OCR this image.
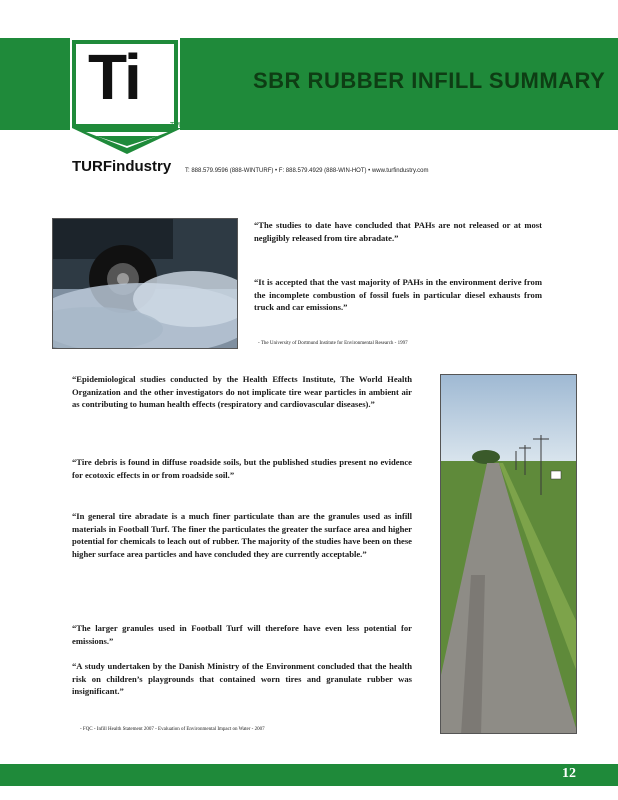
Ti
TM
TURFindustry T: 888.579.9596 (888-WINTURF) • F: 888.579.4929 (888-WIN-HOT) • www.turfindustry.com
SBR RUBBER INFILL SUMMARY
“The studies to date have concluded that PAHs are not released or at most negligibly released from tire abradate.”
“It is accepted that the vast majority of PAHs in the environment derive from the incomplete combustion of fossil fuels in particular diesel exhausts from truck and car emissions.”
- The University of Dortmund Institute for Environmental Research - 1997
“Epidemiological studies conducted by the Health Effects Institute, The World Health Organization and the other investigators do not implicate tire wear particles in ambient air as contributing to human health effects (respiratory and cardiovascular diseases).”
“Tire debris is found in diffuse roadside soils, but the published studies present no evidence for ecotoxic effects in or from roadside soil.”
“In general tire abradate is a much finer particulate than are the granules used as infill materials in Football Turf. The finer the particulates the greater the surface area and higher potential for chemicals to leach out of rubber. The majority of the studies have been on these higher surface area particles and have concluded they are currently acceptable.”
“The larger granules used in Football Turf will therefore have even less potential for emissions.”
“A study undertaken by the Danish Ministry of the Environment concluded that the health risk on children’s playgrounds that contained worn tires and granulate rubber was insignificant.”
- FQC - Infill Health Statement 2007 - Evaluation of Environmental Impact on Water - 2007
12
